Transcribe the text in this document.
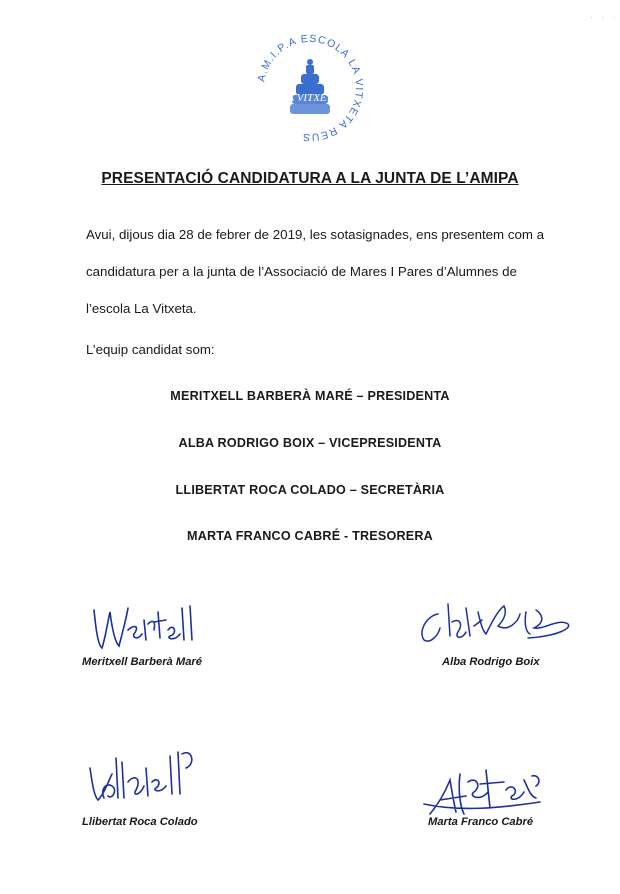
· · ·
A.M.I.P.A ESCOLA LA VITXETA REUS
LA VITXETA
PRESENTACIÓ CANDIDATURA A LA JUNTA DE L’AMIPA
Avui, dijous dia 28 de febrer de 2019, les sotasignades, ens presentem com a candidatura per a la junta de l’Associació de Mares I Pares d’Alumnes de l’escola La Vitxeta.
L’equip candidat som:
MERITXELL BARBERÀ MARÉ – PRESIDENTA
ALBA RODRIGO BOIX – VICEPRESIDENTA
LLIBERTAT ROCA COLADO – SECRETÀRIA
MARTA FRANCO CABRÉ - TRESORERA
Meritxell Barberà Maré	Alba Rodrigo Boix
Llibertat Roca Colado	Marta Franco Cabré
